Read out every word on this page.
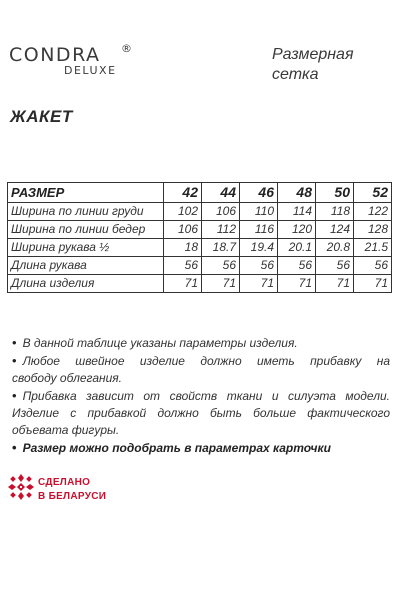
CONDRA ®
DELUXE
Размерная
сетка
ЖАКЕТ
РАЗМЕР	42	44	46	48	50	52
Ширина по линии груди	102	106	110	114	118	122
Ширина по линии бедер	106	112	116	120	124	128
Ширина рукава ½	18	18.7	19.4	20.1	20.8	21.5
Длина рукава	56	56	56	56	56	56
Длина изделия	71	71	71	71	71	71
• В данной таблице указаны параметры изделия.
• Любое швейное изделие должно иметь прибавку на
свободу облегания.
• Прибавка зависит от свойств ткани и силуэта модели.
Изделие с прибавкой должно быть больше фактического
объевата фигуры.
• Размер можно подобрать в параметрах карточки
СДЕЛАНО
В БЕЛАРУСИ
